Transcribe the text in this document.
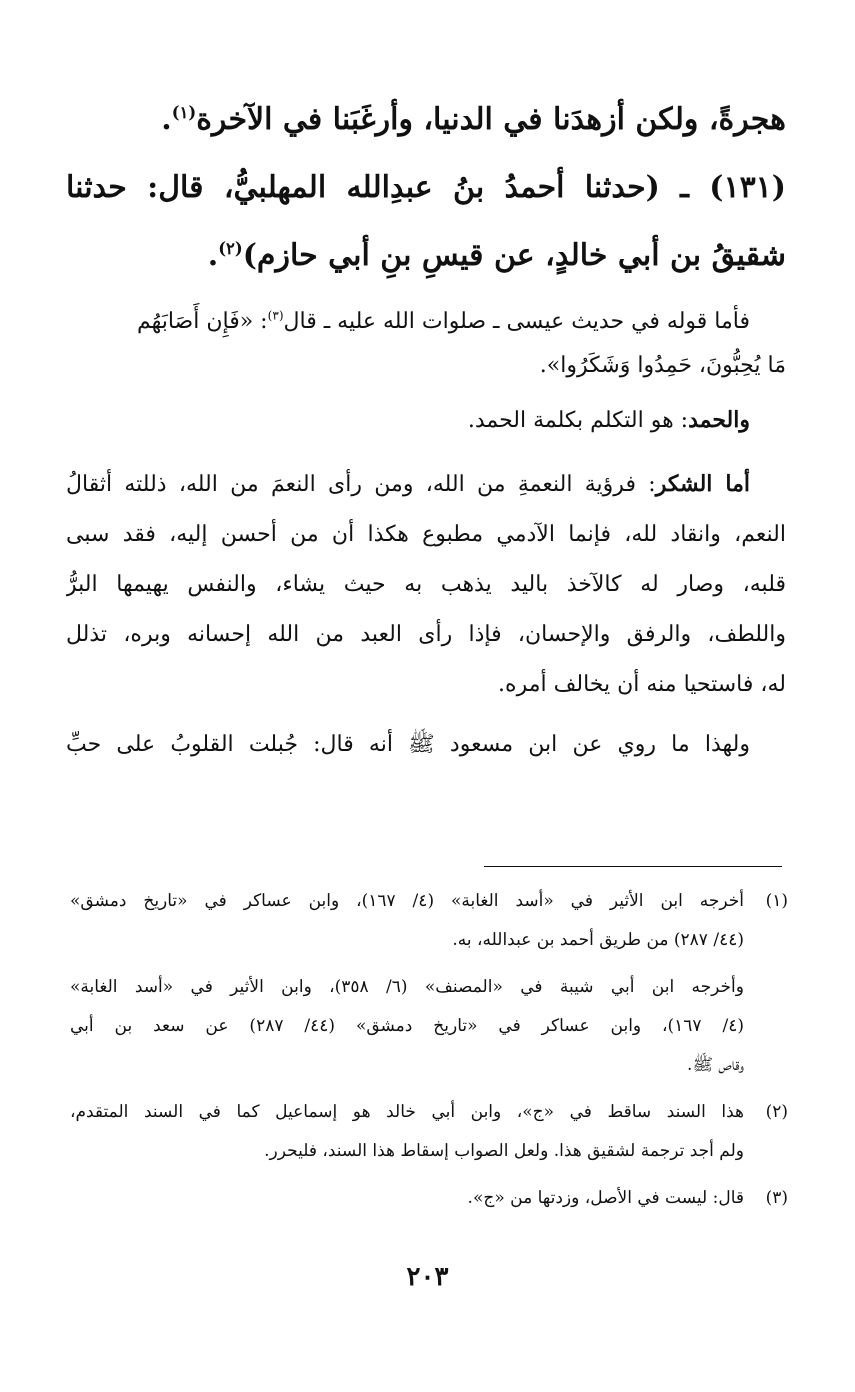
هجرةً، ولكن أزهدَنا في الدنيا، وأرغَبَنا في الآخرة$^{(١)}$.
(١٣١) ـ (حدثنا أحمدُ بنُ عبدِالله المهلبيُّ، قال: حدثنا
شقيقُ بن أبي خالدٍ، عن قيسِ بنِ أبي حازم)$^{(٢)}$.
فأما قوله في حديث عيسى ـ صلوات الله عليه ـ قال$^{(٣)}$: «فَإِن أَصَابَهُم
مَا يُحِبُّونَ، حَمِدُوا وَشَكَرُوا».
والحمد: هو التكلم بكلمة الحمد.
أما الشكر: فرؤية النعمةِ من الله، ومن رأى النعمَ من الله، ذللته أثقالُ
النعم، وانقاد لله، فإنما الآدمي مطبوع هكذا أن من أحسن إليه، فقد سبى
قلبه، وصار له كالآخذ باليد يذهب به حيث يشاء، والنفس يهيمها البرُّ
واللطف، والرفق والإحسان، فإذا رأى العبد من الله إحسانه وبره، تذلل
له، فاستحيا منه أن يخالف أمره.
ولهذا ما روي عن ابن مسعود ﷺ أنه قال: جُبلت القلوبُ على حبِّ
(١)
أخرجه ابن الأثير في «أسد الغابة» (٤/ ١٦٧)، وابن عساكر في «تاريخ دمشق»
(٤٤/ ٢٨٧) من طريق أحمد بن عبدالله، به.
وأخرجه ابن أبي شيبة في «المصنف» (٦/ ٣٥٨)، وابن الأثير في «أسد الغابة»
(٤/ ١٦٧)، وابن عساكر في «تاريخ دمشق» (٤٤/ ٢٨٧) عن سعد بن أبي
وقاص ﷺ.
(٢)
هذا السند ساقط في «ج»، وابن أبي خالد هو إسماعيل كما في السند المتقدم،
ولم أجد ترجمة لشقيق هذا. ولعل الصواب إسقاط هذا السند، فليحرر.
(٣)
قال: ليست في الأصل، وزدتها من «ج».
٢٠٣
